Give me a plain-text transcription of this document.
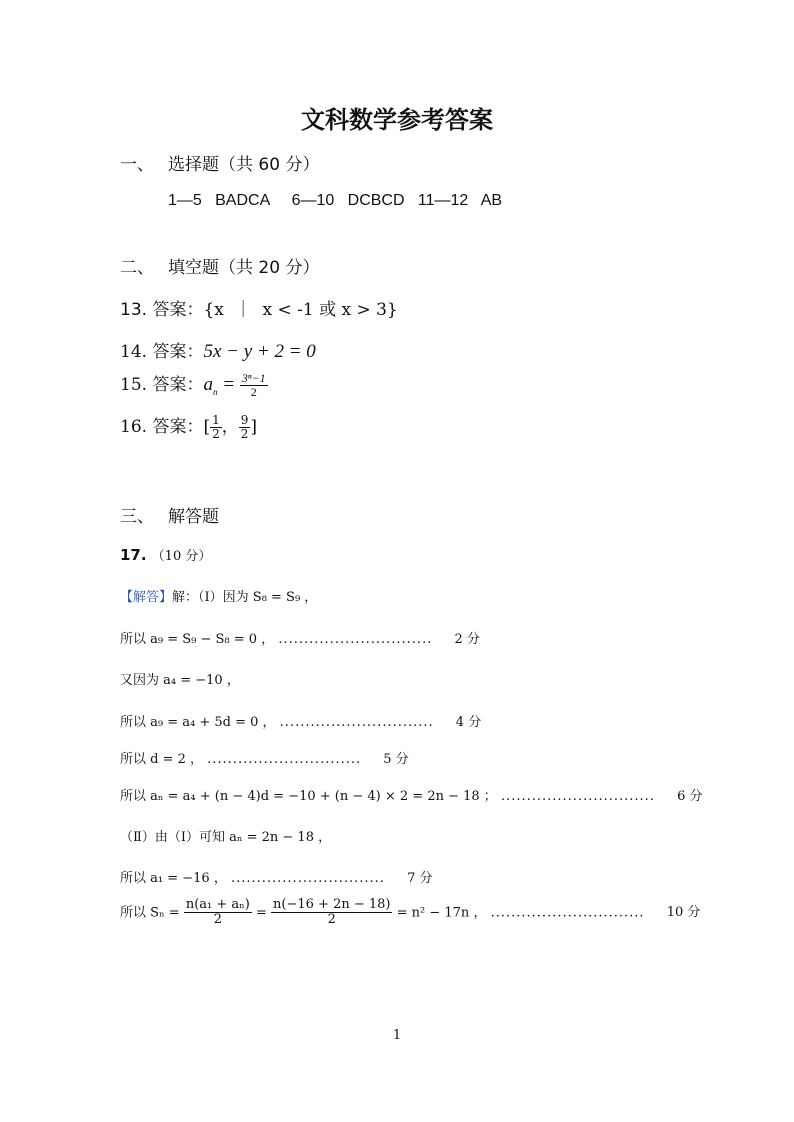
文科数学参考答案
一、 选择题（共 60 分）
1—5   BADCA     6—10   DCBCD   11—12   AB
二、 填空题（共 20 分）
13. 答案：{x  ｜  x < -1 或 x > 3}
14. 答案：5x − y + 2 = 0
15. 答案：$a_n = \frac{\text{3ⁿ−1}}{2}$
16. 答案：[ $\frac{1}{2}$ ， $\frac{9}{2}$ ]
三、 解答题
17. （10 分）
【解答】解：（Ⅰ）因为 S₈ = S₉ ，
所以 a₉ = S₉ − S₈ = 0 ， .............................. 2 分
又因为 a₄ = −10 ，
所以 a₉ = a₄ + 5d = 0 ， .............................. 4 分
所以 d = 2 ， .............................. 5 分
所以 aₙ = a₄ + (n − 4)d = −10 + (n − 4) × 2 = 2n − 18 ； .............................. 6 分
（Ⅱ）由（Ⅰ）可知 aₙ = 2n − 18 ，
所以 a₁ = −16 ， .............................. 7 分
所以 $S_n = \frac{\text{n(a₁ + aₙ)}}{2} = \frac{n(-16 + 2n - 18)}{2} = n^2 - 17n$ ， .............................. 10 分
1
